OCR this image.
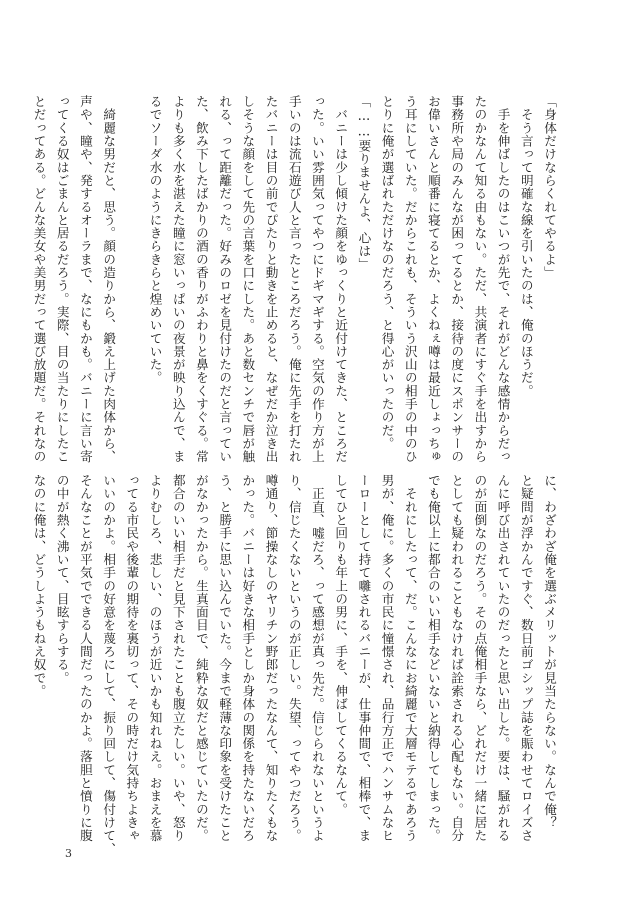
「身体だけならくれてやるよ」
　そう言って明確な線を引いたのは、俺のほうだ。
　手を伸ばしたのはこいつが先で、それがどんな感情からだっ
たのかなんて知る由もない。ただ、共演者にすぐ手を出すから
事務所や局のみんなが困ってるとか、接待の度にスポンサーの
お偉いさんと順番に寝てるとか、よくねぇ噂は最近しょっちゅ
う耳にしていた。だからこれも、そういう沢山の相手の中のひ
とりに俺が選ばれただけなのだろう、と得心がいったのだ。
「……要りませんよ、心は」
　バニーは少し傾けた顔をゆっくりと近付けてきた、ところだ
った。いい雰囲気ってやつにドギマギする。空気の作り方が上
手いのは流石遊び人と言ったところだろう。俺に先手を打たれ
たバニーは目の前でぴたりと動きを止めると、なぜだか泣き出
しそうな顔をして先の言葉を口にした。あと数センチで唇が触
れる、って距離だった。好みのロゼを見付けたのだと言ってい
た、飲み下したばかりの酒の香りがふわりと鼻をくすぐる。常
よりも多く水を湛えた瞳に窓いっぱいの夜景が映り込んで、ま
るでソーダ水のようにきらきらと煌めいていた。

　綺麗な男だと、思う。顔の造りから、鍛え上げた肉体から、
声や、瞳や、発するオーラまで、なにもかも。バニーに言い寄
ってくる奴はごまんと居るだろう。実際、目の当たりにしたこ
とだってある。どんな美女や美男だって選び放題だ。それなの
に、わざわざ俺を選ぶメリットが見当たらない。なんで俺？
と疑問が浮かんですぐ、数日前ゴシップ誌を賑わせてロイズさ
んに呼び出されていたのだったと思い出した。要は、騒がれる
のが面倒なのだろう。その点俺相手なら、どれだけ一緒に居た
としても疑われることもなければ詮索される心配もない。自分
でも俺以上に都合のいい相手などいないと納得してしまった。
　それにしたって、だ。こんなにお綺麗で大層モテるであろう
男が、俺に。多くの市民に憧憬され、品行方正でハンサムなヒ
ーローとして持て囃されるバニーが、仕事仲間で、相棒で、ま
してひと回りも年上の男に、手を、伸ばしてくるなんて。
　正直、嘘だろ、って感想が真っ先だ。信じられないというよ
り、信じたくないというのが正しい。失望、ってやつだろう。
噂通り、節操なしのヤリチン野郎だったなんて、知りたくもな
かった。バニーは好きな相手としか身体の関係を持たないだろ
う、と勝手に思い込んでいた。今まで軽薄な印象を受けたこと
がなかったから。生真面目で、純粋な奴だと感じていたのだ。
都合のいい相手だと見下されたことも腹立たしい。いや、怒り
よりむしろ、悲しい、のほうが近いかも知れねえ。おまえを慕
ってる市民や後輩の期待を裏切って、その時だけ気持ちよきゃ
いいのかよ。相手の好意を蔑ろにして、振り回して、傷付けて、
そんなことが平気でできる人間だったのかよ。落胆と憤りに腹
の中が熱く沸いて、目眩すらする。
なのに俺は、どうしようもねえ奴で。
3
